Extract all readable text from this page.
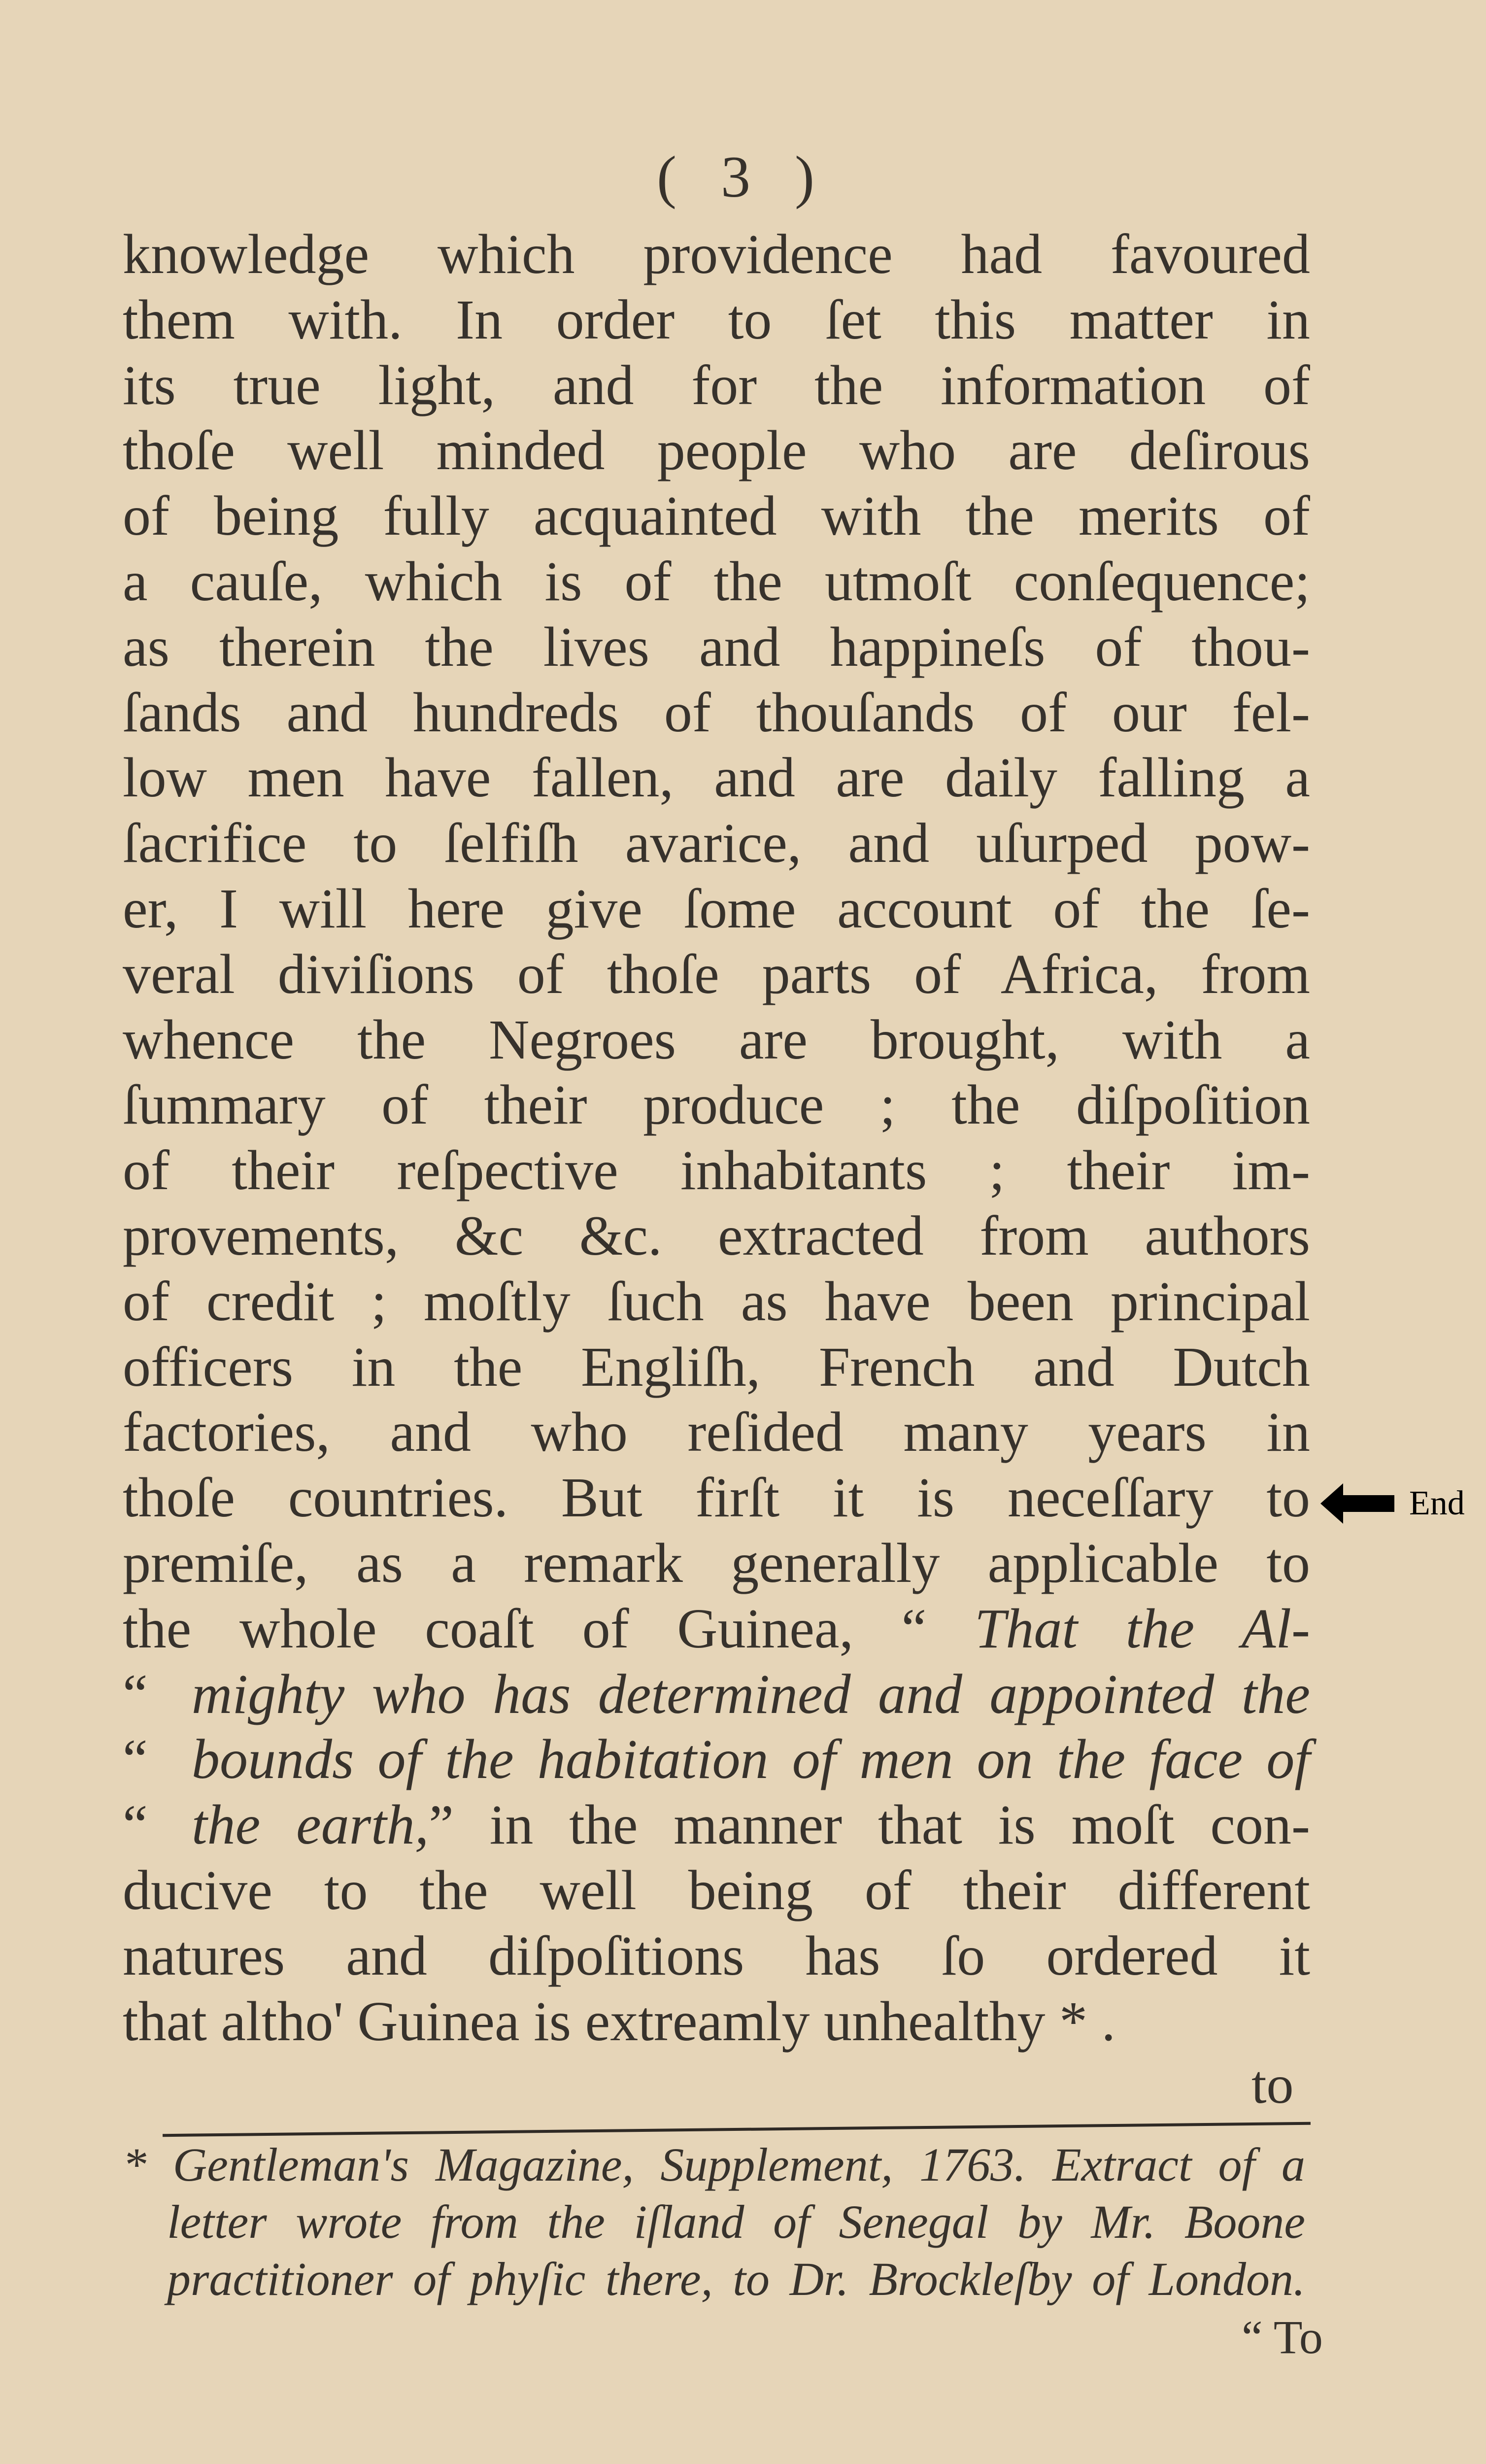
( 3 )
knowledge which providence had favoured
them with. In order to ſet this matter in
its true light, and for the information of
thoſe well minded people who are deſirous
of being fully acquainted with the merits of
a cauſe, which is of the utmoſt conſequence;
as therein the lives and happineſs of thou-
ſands and hundreds of thouſands of our fel-
low men have fallen, and are daily falling a
ſacrifice to ſelfiſh avarice, and uſurped pow-
er, I will here give ſome account of the ſe-
veral diviſions of thoſe parts of Africa, from
whence the Negroes are brought, with a
ſummary of their produce ; the diſpoſition
of their reſpective inhabitants ; their im-
provements, &c &c. extracted from authors
of credit ; moſtly ſuch as have been principal
officers in the Engliſh, French and Dutch
factories, and who reſided many years in
thoſe countries. But firſt it is neceſſary to
premiſe, as a remark generally applicable to
the whole coaſt of Guinea, “ That the Al-
“ mighty who has determined and appointed the
“ bounds of the habitation of men on the face of
“ the earth,” in the manner that is moſt con-
ducive to the well being of their different
natures and diſpoſitions has ſo ordered it
that altho' Guinea is extreamly unhealthy * .
to
* Gentleman's Magazine, Supplement, 1763. Extract of a
letter wrote from the iſland of Senegal by Mr. Boone
practitioner of phyſic there, to Dr. Brockleſby of London.
“ To
End
